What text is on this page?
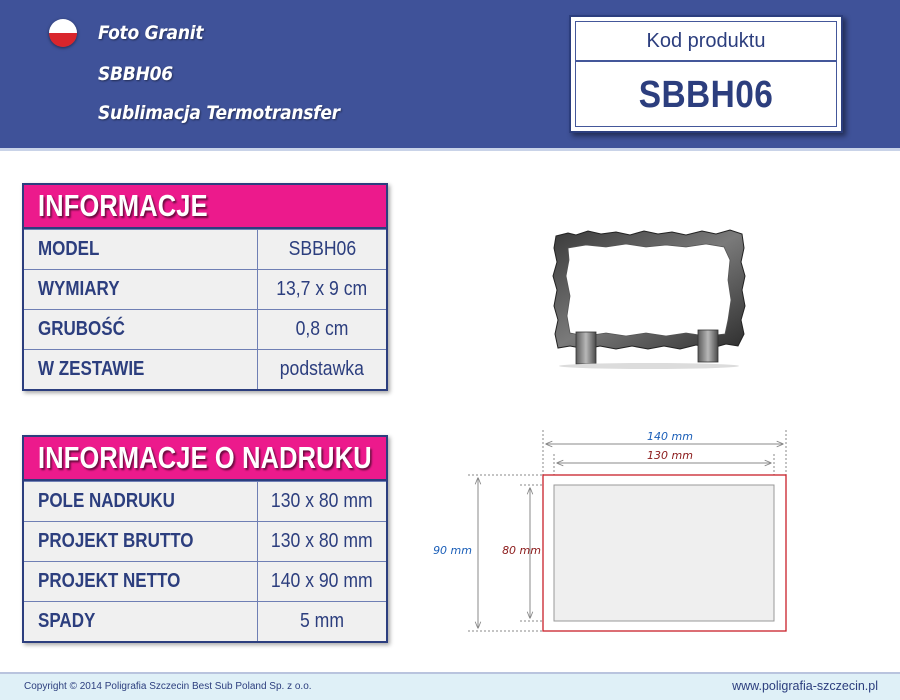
Foto Granit
SBBH06
Sublimacja Termotransfer
Kod produktu
SBBH06
INFORMACJE
MODEL	SBBH06
WYMIARY	13,7 x 9 cm
GRUBOŚĆ	0,8 cm
W ZESTAWIE	podstawka
INFORMACJE O NADRUKU
POLE NADRUKU	130 x 80 mm
PROJEKT BRUTTO	130 x 80 mm
PROJEKT NETTO	140 x 90 mm
SPADY	5 mm
140 mm
130 mm
90 mm	80 mm
Copyright © 2014 Poligrafia Szczecin Best Sub Poland Sp. z o.o.	www.poligrafia-szczecin.pl
